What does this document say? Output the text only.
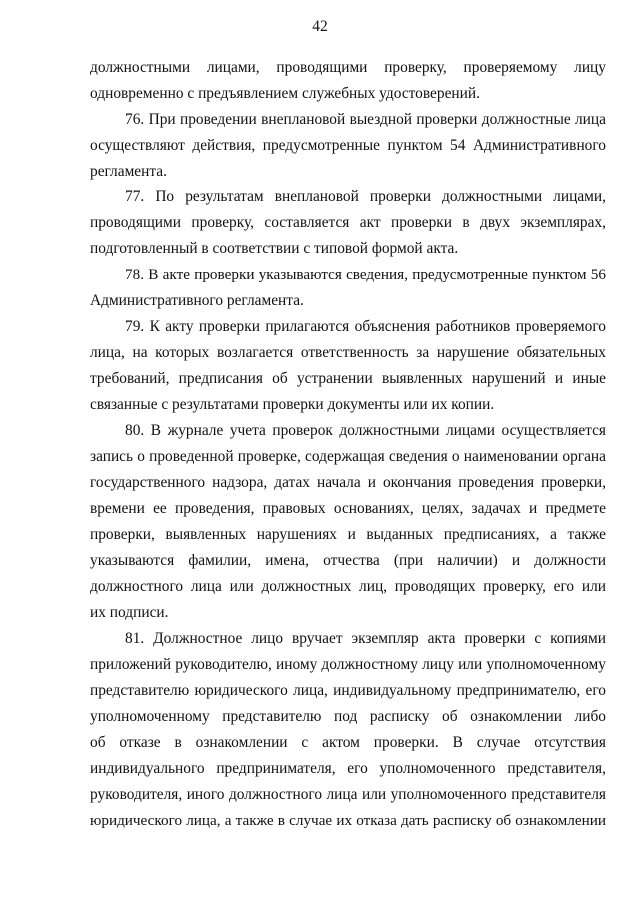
42
должностными лицами, проводящими проверку, проверяемому лицу
одновременно с предъявлением служебных удостоверений.
76. При проведении внеплановой выездной проверки должностные лица
осуществляют действия, предусмотренные пунктом 54 Административного
регламента.
77. По результатам внеплановой проверки должностными лицами,
проводящими проверку, составляется акт проверки в двух экземплярах,
подготовленный в соответствии с типовой формой акта.
78. В акте проверки указываются сведения, предусмотренные пунктом 56
Административного регламента.
79. К акту проверки прилагаются объяснения работников проверяемого
лица, на которых возлагается ответственность за нарушение обязательных
требований, предписания об устранении выявленных нарушений и иные
связанные с результатами проверки документы или их копии.
80. В журнале учета проверок должностными лицами осуществляется
запись о проведенной проверке, содержащая сведения о наименовании органа
государственного надзора, датах начала и окончания проведения проверки,
времени ее проведения, правовых основаниях, целях, задачах и предмете
проверки, выявленных нарушениях и выданных предписаниях, а также
указываются фамилии, имена, отчества (при наличии) и должности
должностного лица или должностных лиц, проводящих проверку, его или
их подписи.
81. Должностное лицо вручает экземпляр акта проверки с копиями
приложений руководителю, иному должностному лицу или уполномоченному
представителю юридического лица, индивидуальному предпринимателю, его
уполномоченному представителю под расписку об ознакомлении либо
об отказе в ознакомлении с актом проверки. В случае отсутствия
индивидуального предпринимателя, его уполномоченного представителя,
руководителя, иного должностного лица или уполномоченного представителя
юридического лица, а также в случае их отказа дать расписку об ознакомлении
